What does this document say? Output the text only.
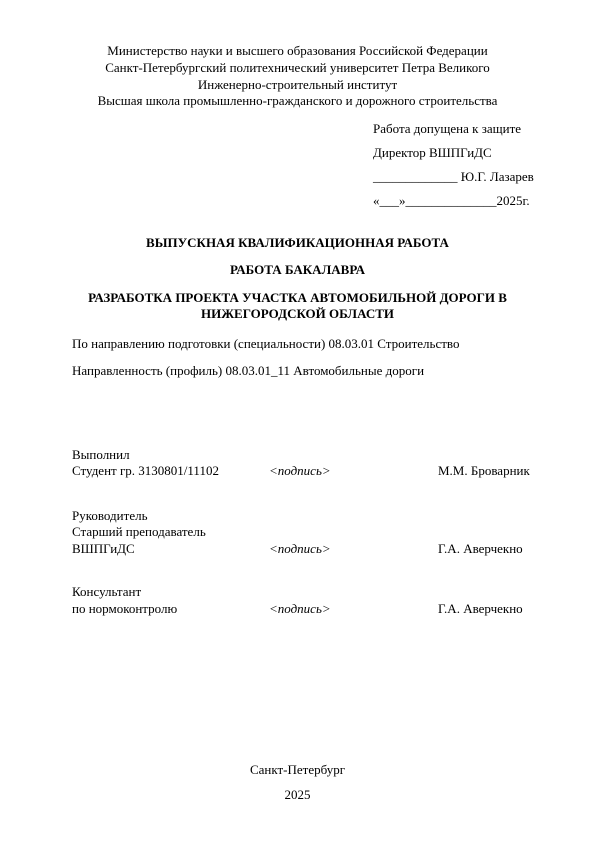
Министерство науки и высшего образования Российской Федерации
Санкт-Петербургский политехнический университет Петра Великого
Инженерно-строительный институт
Высшая школа промышленно-гражданского и дорожного строительства
Работа допущена к защите
Директор ВШПГиДС
_____________ Ю.Г. Лазарев
«___»______________2025г.
ВЫПУСКНАЯ КВАЛИФИКАЦИОННАЯ РАБОТА
РАБОТА БАКАЛАВРА
РАЗРАБОТКА ПРОЕКТА УЧАСТКА АВТОМОБИЛЬНОЙ ДОРОГИ В
НИЖЕГОРОДСКОЙ ОБЛАСТИ
По направлению подготовки (специальности) 08.03.01 Строительство
Направленность (профиль) 08.03.01_11 Автомобильные дороги
Выполнил
Студент гр. 3130801/11102	<подпись>	М.М. Броварник
Руководитель
Старший преподаватель
ВШПГиДС	<подпись>	Г.А. Аверчекно
Консультант
по нормоконтролю	<подпись>	Г.А. Аверчекно
Санкт-Петербург
2025
